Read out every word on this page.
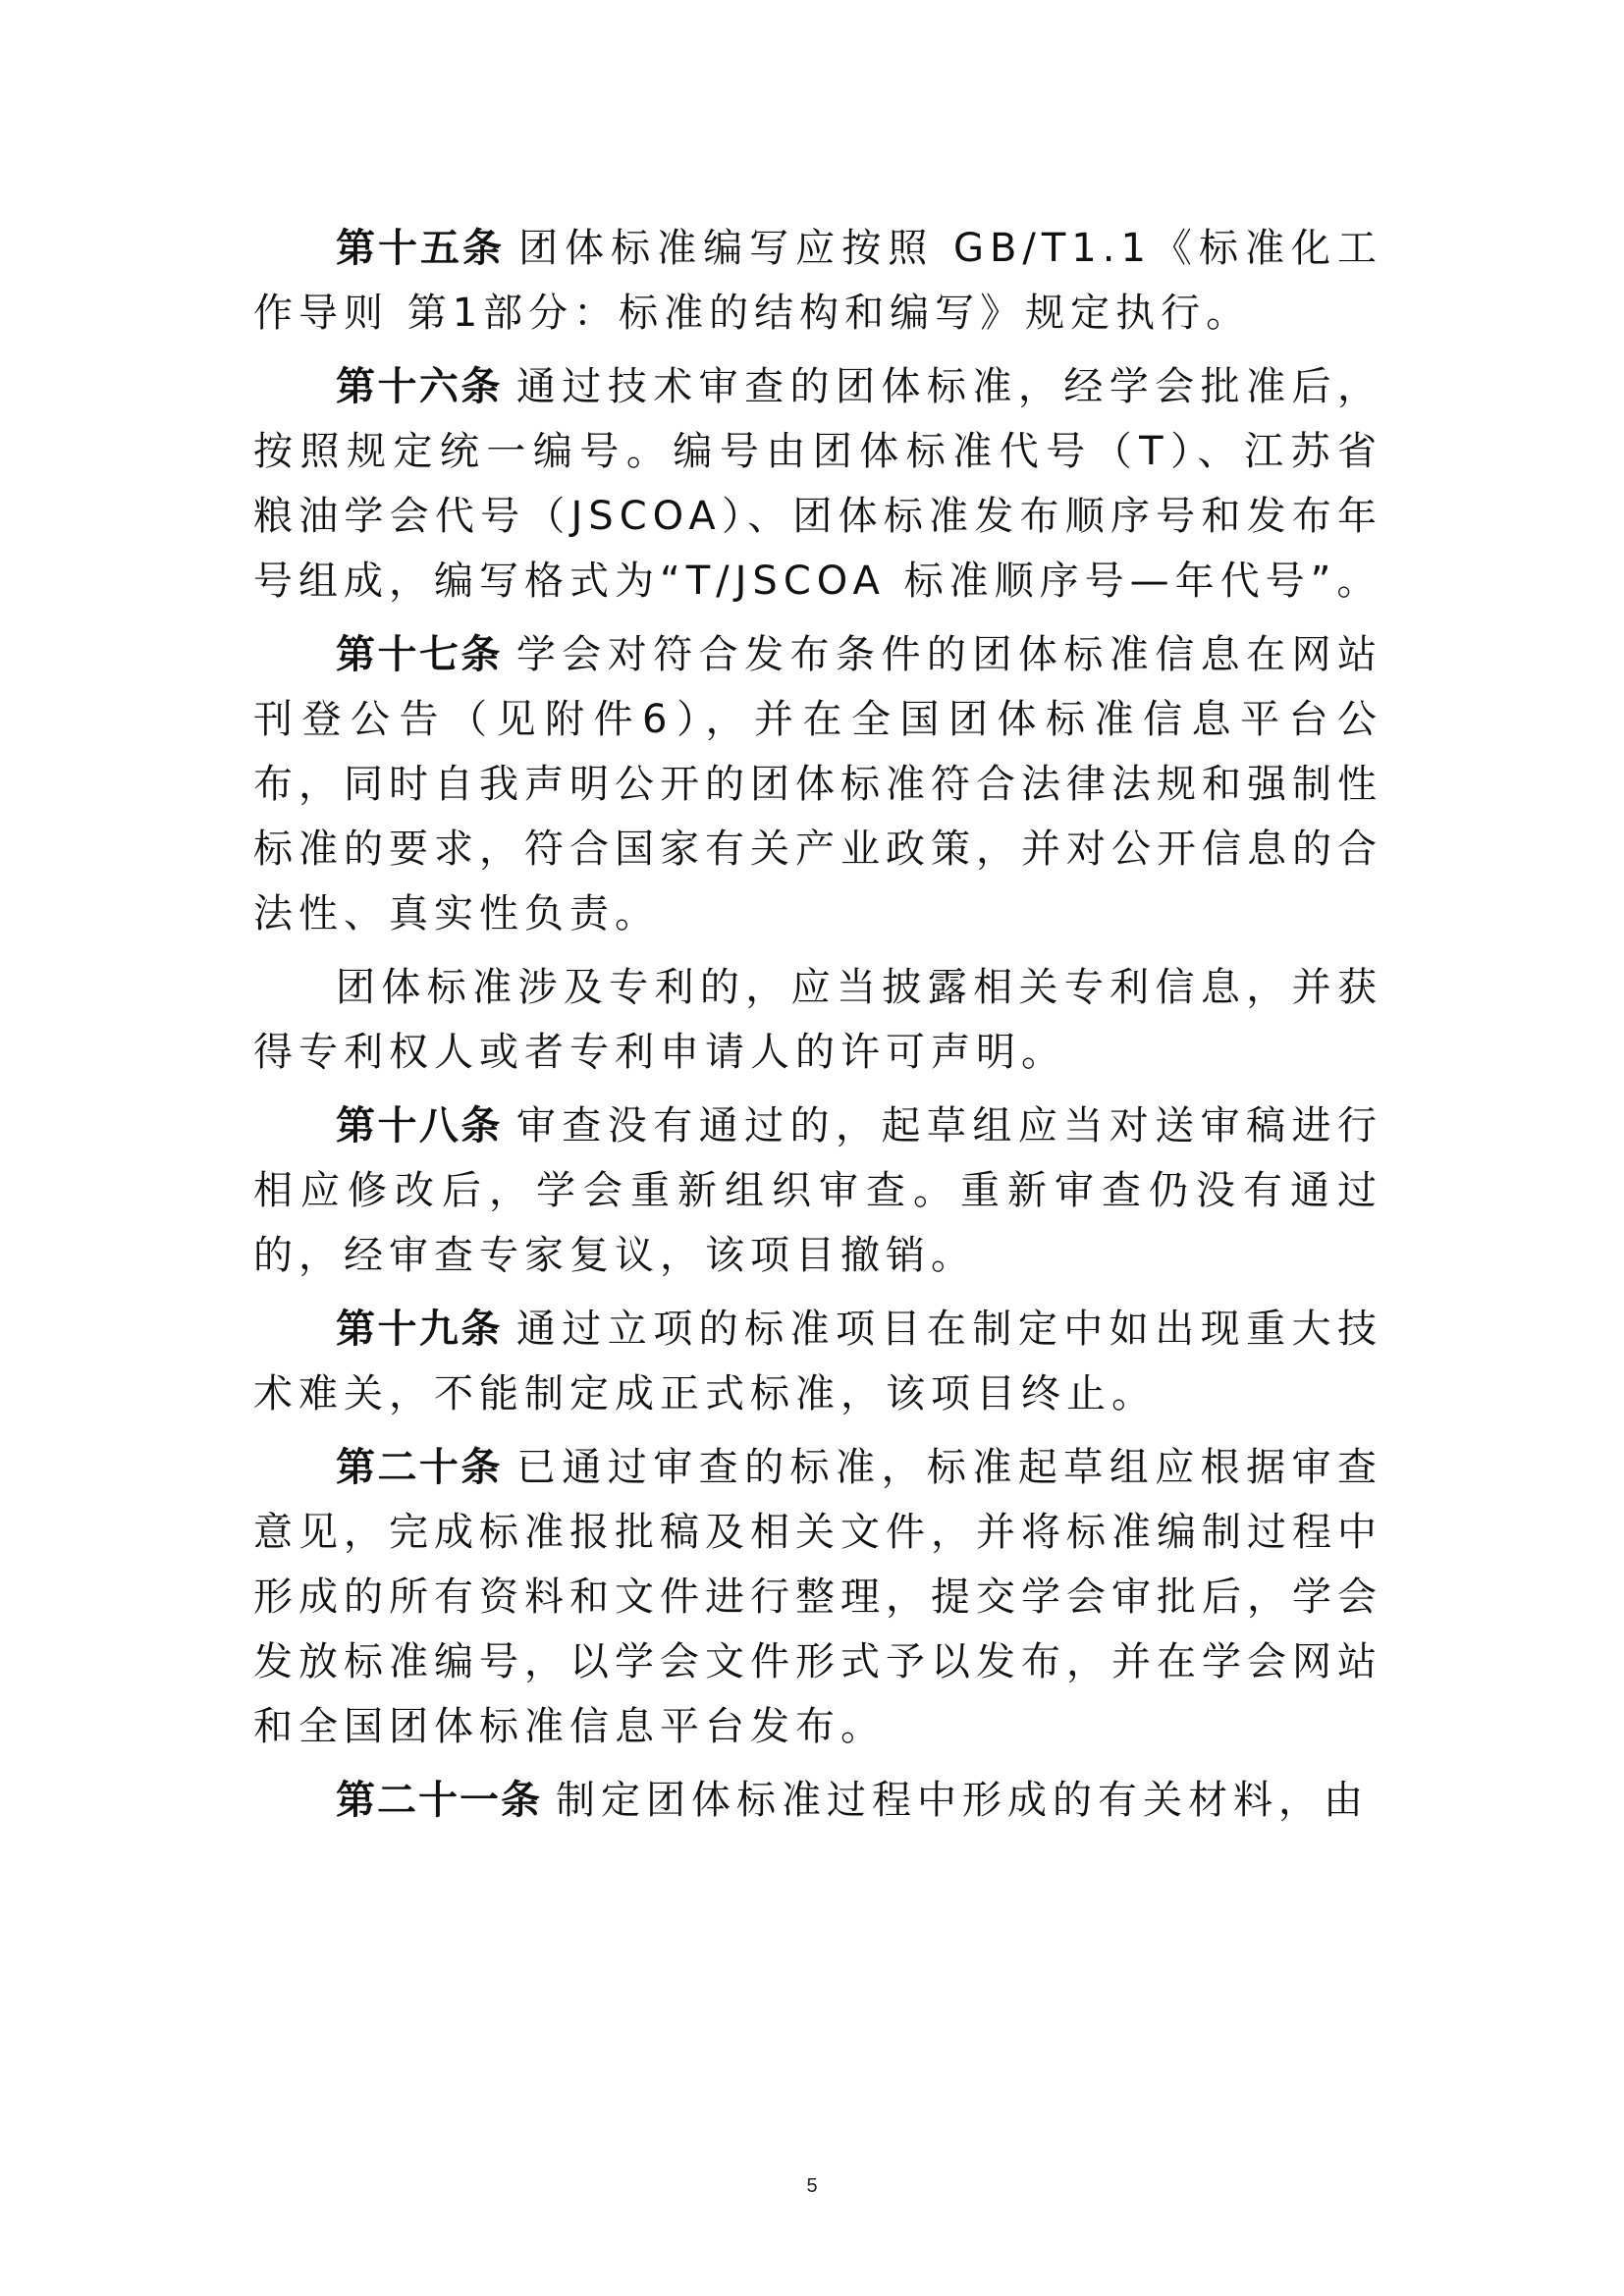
第十五条 团体标准编写应按照 GB/T1.1《标准化工作导则 第1部分：标准的结构和编写》规定执行。

第十六条 通过技术审查的团体标准，经学会批准后，按照规定统一编号。编号由团体标准代号（T）、江苏省粮油学会代号（JSCOA）、团体标准发布顺序号和发布年号组成，编写格式为“T/JSCOA 标准顺序号—年代号”。

第十七条 学会对符合发布条件的团体标准信息在网站刊登公告（见附件6），并在全国团体标准信息平台公布，同时自我声明公开的团体标准符合法律法规和强制性标准的要求，符合国家有关产业政策，并对公开信息的合法性、真实性负责。

团体标准涉及专利的，应当披露相关专利信息，并获得专利权人或者专利申请人的许可声明。

第十八条 审查没有通过的，起草组应当对送审稿进行相应修改后，学会重新组织审查。重新审查仍没有通过的，经审查专家复议，该项目撤销。

第十九条 通过立项的标准项目在制定中如出现重大技术难关，不能制定成正式标准，该项目终止。

第二十条 已通过审查的标准，标准起草组应根据审查意见，完成标准报批稿及相关文件，并将标准编制过程中形成的所有资料和文件进行整理，提交学会审批后，学会发放标准编号，以学会文件形式予以发布，并在学会网站和全国团体标准信息平台发布。

第二十一条 制定团体标准过程中形成的有关材料，由

5
